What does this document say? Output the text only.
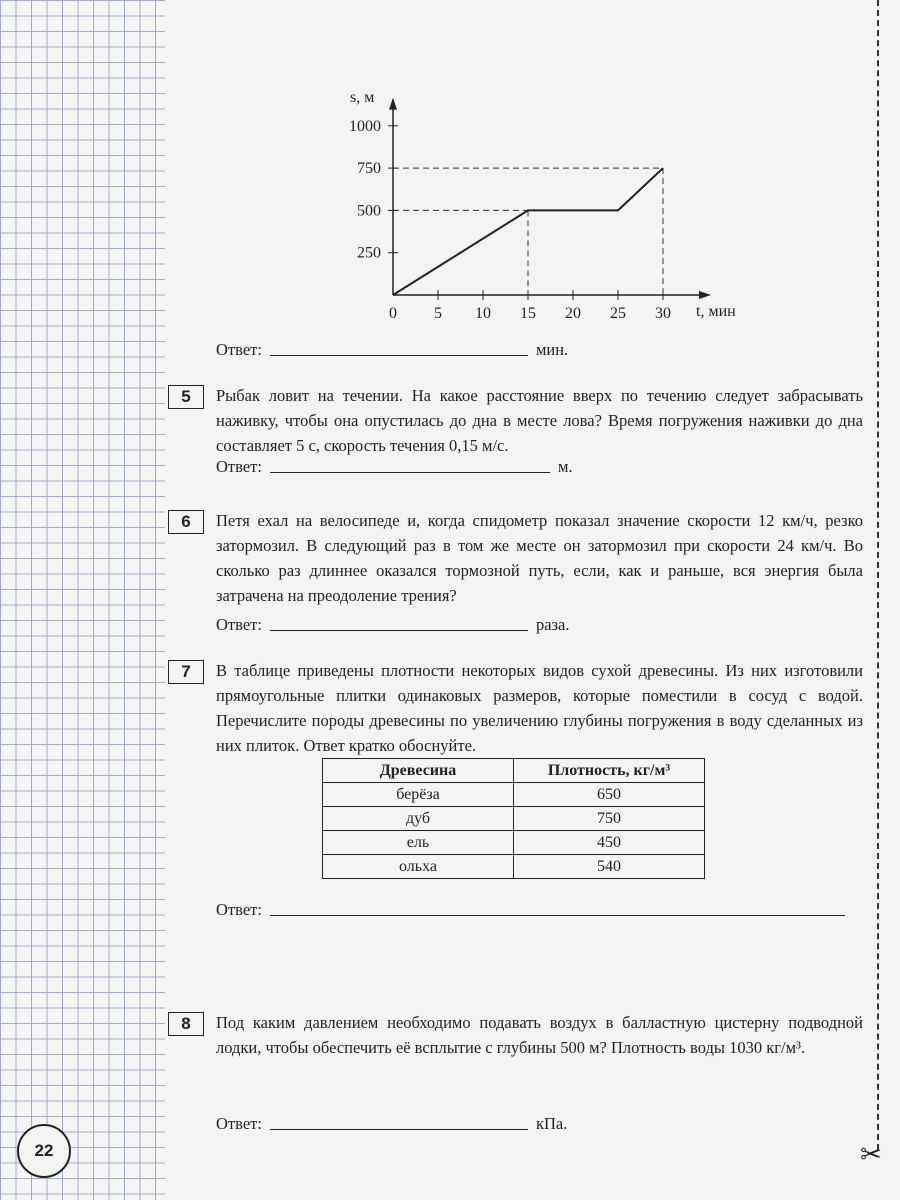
✂
22
0 5 10 15 20 25 30
250
500
750
1000
s, м
t, мин
Ответ:	мин.
5	Рыбак ловит на течении. На какое расстояние вверх по течению следует забрасывать наживку, чтобы она опустилась до дна в месте лова? Время погружения наживки до дна составляет 5 с, скорость течения 0,15 м/с.
Ответ:	м.
6	Петя ехал на велосипеде и, когда спидометр показал значение скорости 12 км/ч, резко затормозил. В следующий раз в том же месте он затормозил при скорости 24 км/ч. Во сколько раз длиннее оказался тормозной путь, если, как и раньше, вся энергия была затрачена на преодоление трения?
Ответ:	раза.
7	В таблице приведены плотности некоторых видов сухой древесины. Из них изготовили прямоугольные плитки одинаковых размеров, которые поместили в сосуд с водой. Перечислите породы древесины по увеличению глубины погружения в воду сделанных из них плиток. Ответ кратко обоснуйте.
Древесина	Плотность, кг/м³
берёза	650
дуб	750
ель	450
ольха	540
Ответ:
8	Под каким давлением необходимо подавать воздух в балластную цистерну подводной лодки, чтобы обеспечить её всплытие с глубины 500 м? Плотность воды 1030 кг/м³.
Ответ:	кПа.
